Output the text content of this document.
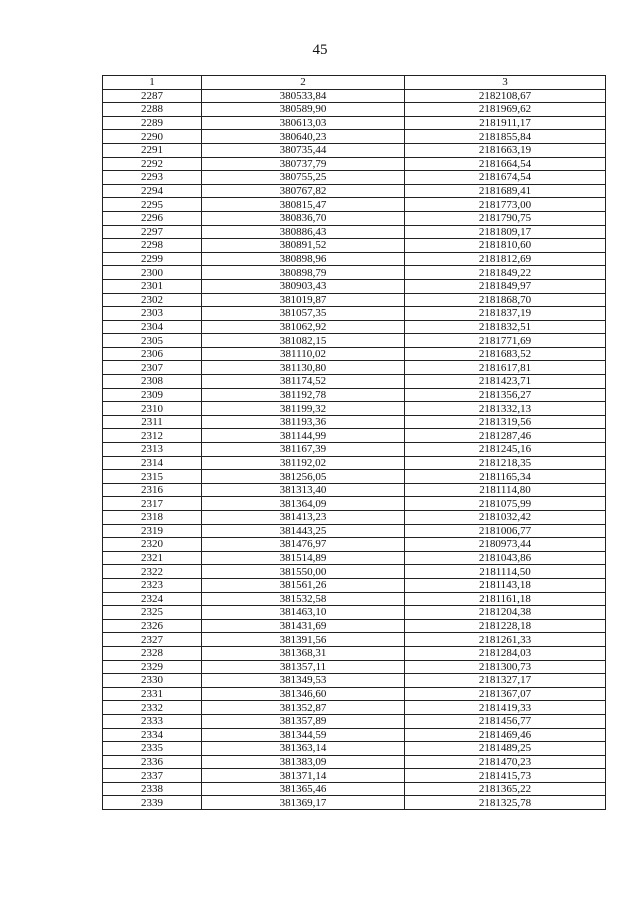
45
1	2	3
2287	380533,84	2182108,67
2288	380589,90	2181969,62
2289	380613,03	2181911,17
2290	380640,23	2181855,84
2291	380735,44	2181663,19
2292	380737,79	2181664,54
2293	380755,25	2181674,54
2294	380767,82	2181689,41
2295	380815,47	2181773,00
2296	380836,70	2181790,75
2297	380886,43	2181809,17
2298	380891,52	2181810,60
2299	380898,96	2181812,69
2300	380898,79	2181849,22
2301	380903,43	2181849,97
2302	381019,87	2181868,70
2303	381057,35	2181837,19
2304	381062,92	2181832,51
2305	381082,15	2181771,69
2306	381110,02	2181683,52
2307	381130,80	2181617,81
2308	381174,52	2181423,71
2309	381192,78	2181356,27
2310	381199,32	2181332,13
2311	381193,36	2181319,56
2312	381144,99	2181287,46
2313	381167,39	2181245,16
2314	381192,02	2181218,35
2315	381256,05	2181165,34
2316	381313,40	2181114,80
2317	381364,09	2181075,99
2318	381413,23	2181032,42
2319	381443,25	2181006,77
2320	381476,97	2180973,44
2321	381514,89	2181043,86
2322	381550,00	2181114,50
2323	381561,26	2181143,18
2324	381532,58	2181161,18
2325	381463,10	2181204,38
2326	381431,69	2181228,18
2327	381391,56	2181261,33
2328	381368,31	2181284,03
2329	381357,11	2181300,73
2330	381349,53	2181327,17
2331	381346,60	2181367,07
2332	381352,87	2181419,33
2333	381357,89	2181456,77
2334	381344,59	2181469,46
2335	381363,14	2181489,25
2336	381383,09	2181470,23
2337	381371,14	2181415,73
2338	381365,46	2181365,22
2339	381369,17	2181325,78
